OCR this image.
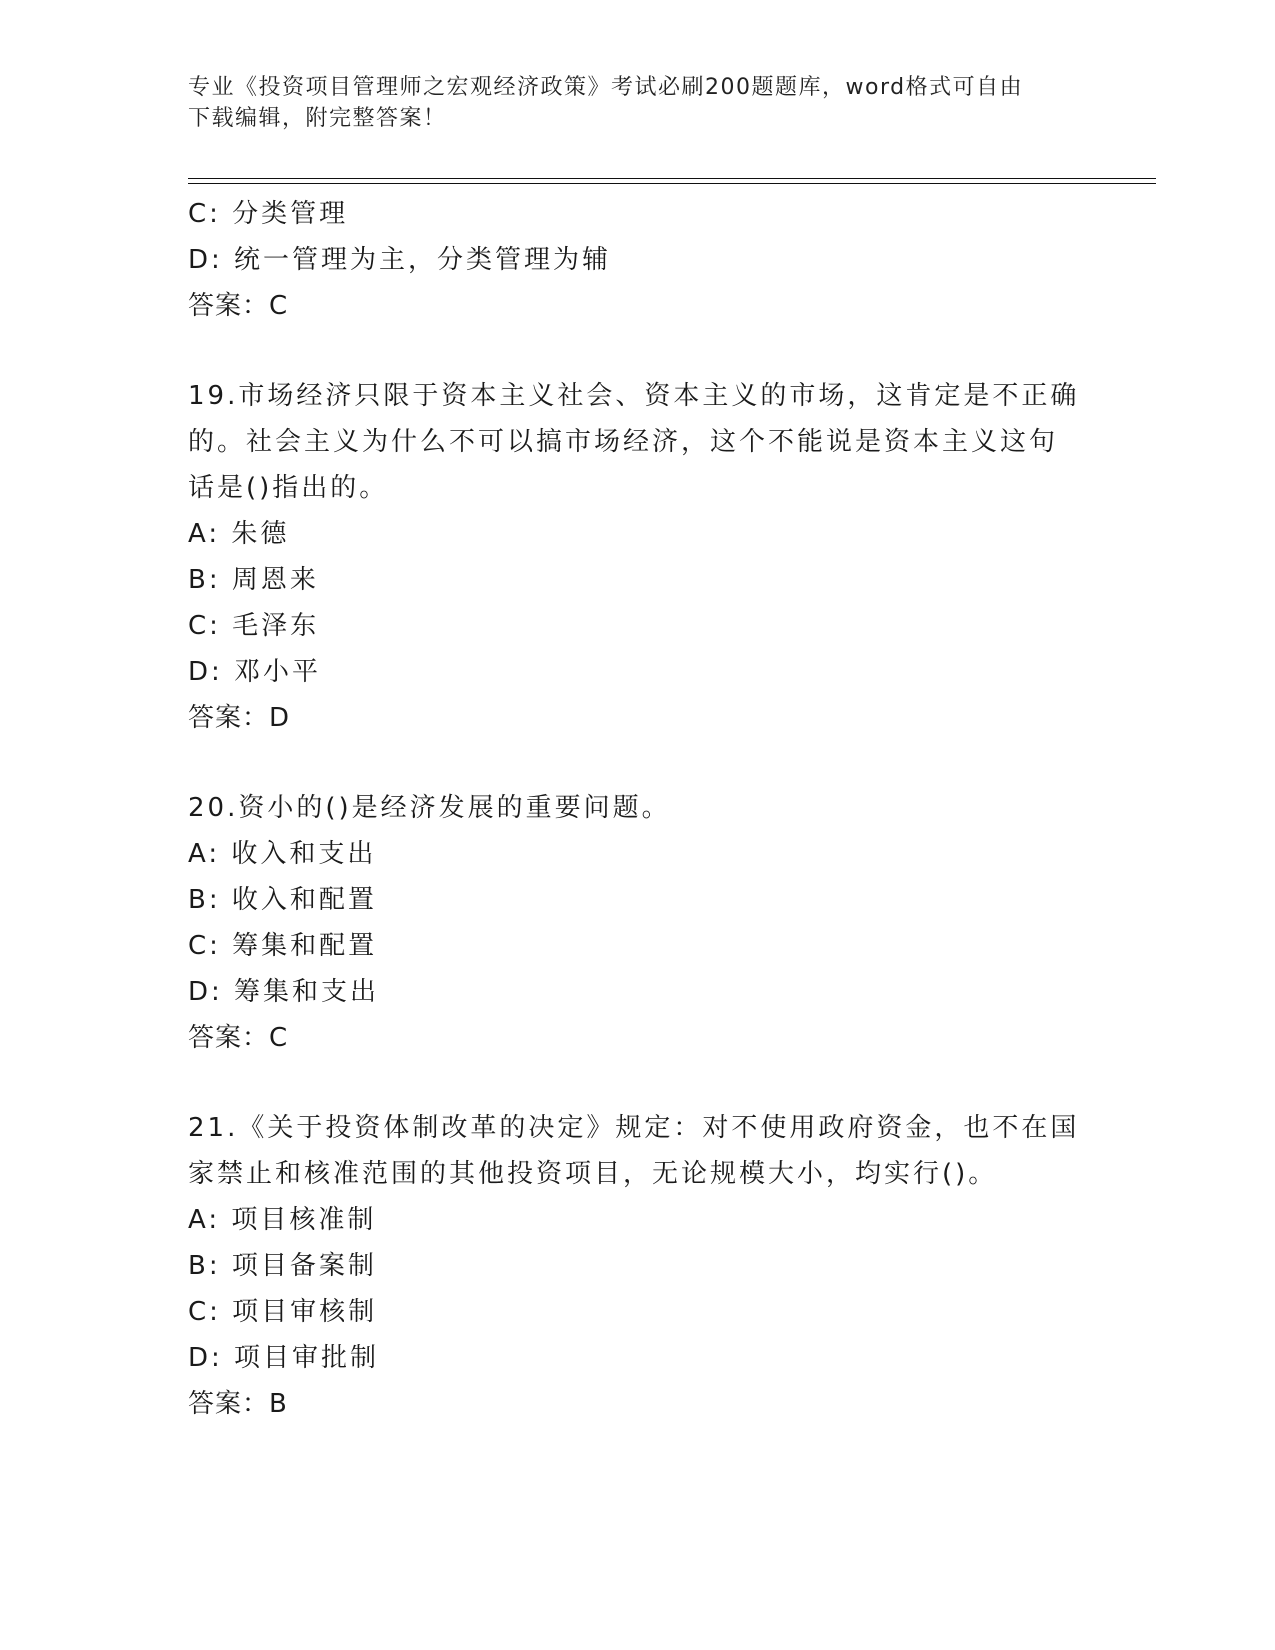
专业《投资项目管理师之宏观经济政策》考试必刷200题题库，word格式可自由
下载编辑，附完整答案！
C: 分类管理
D: 统一管理为主，分类管理为辅
答案：C
19.市场经济只限于资本主义社会、资本主义的市场，这肯定是不正确
的。社会主义为什么不可以搞市场经济，这个不能说是资本主义这句
话是()指出的。
A: 朱德
B: 周恩来
C: 毛泽东
D: 邓小平
答案：D
20.资小的()是经济发展的重要问题。
A: 收入和支出
B: 收入和配置
C: 筹集和配置
D: 筹集和支出
答案：C
21.《关于投资体制改革的决定》规定：对不使用政府资金，也不在国
家禁止和核准范围的其他投资项目，无论规模大小，均实行()。
A: 项目核准制
B: 项目备案制
C: 项目审核制
D: 项目审批制
答案：B
